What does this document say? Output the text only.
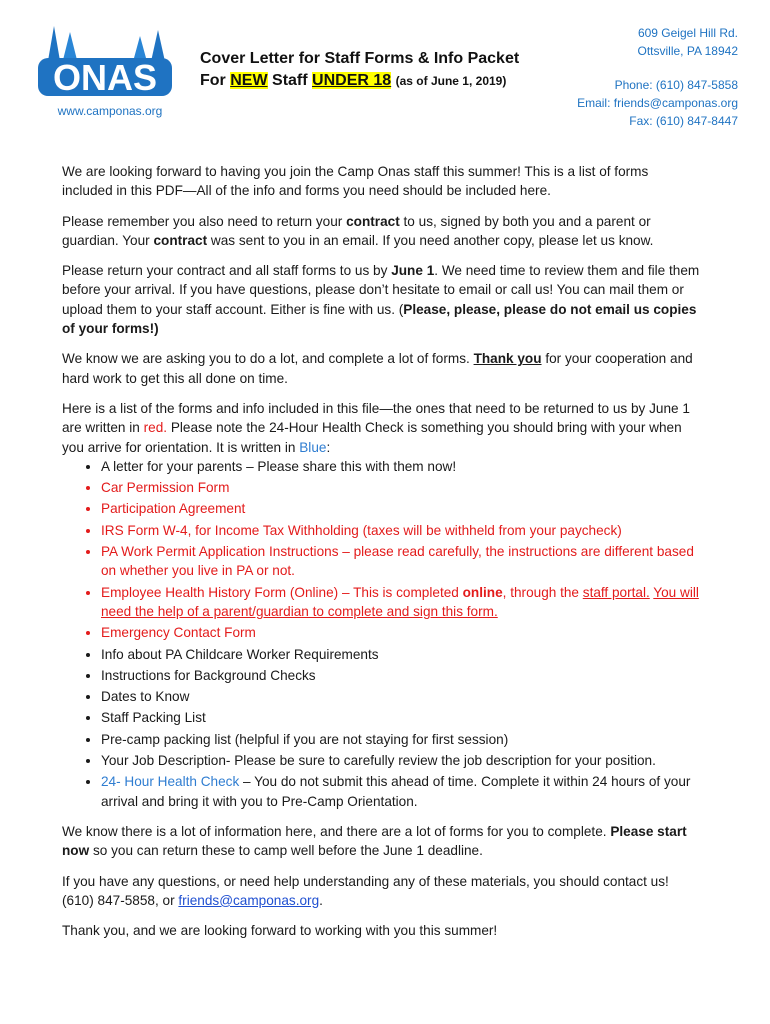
ONAS
www.camponas.org
Cover Letter for Staff Forms & Info Packet
For NEW Staff UNDER 18 (as of June 1, 2019)
609 Geigel Hill Rd.
Ottsville, PA 18942
Phone: (610) 847-5858
Email: friends@camponas.org
Fax: (610) 847-8447

We are looking forward to having you join the Camp Onas staff this summer! This is a list of forms included in this PDF—All of the info and forms you need should be included here.

Please remember you also need to return your contract to us, signed by both you and a parent or guardian. Your contract was sent to you in an email. If you need another copy, please let us know.

Please return your contract and all staff forms to us by June 1. We need time to review them and file them before your arrival. If you have questions, please don’t hesitate to email or call us! You can mail them or upload them to your staff account. Either is fine with us. (Please, please, please do not email us copies of your forms!)

We know we are asking you to do a lot, and complete a lot of forms. Thank you for your cooperation and hard work to get this all done on time.

Here is a list of the forms and info included in this file—the ones that need to be returned to us by June 1 are written in red. Please note the 24-Hour Health Check is something you should bring with your when you arrive for orientation. It is written in Blue:

• A letter for your parents – Please share this with them now!
• Car Permission Form
• Participation Agreement
• IRS Form W-4, for Income Tax Withholding (taxes will be withheld from your paycheck)
• PA Work Permit Application Instructions – please read carefully, the instructions are different based on whether you live in PA or not.
• Employee Health History Form (Online) – This is completed online, through the staff portal. You will need the help of a parent/guardian to complete and sign this form.
• Emergency Contact Form
• Info about PA Childcare Worker Requirements
• Instructions for Background Checks
• Dates to Know
• Staff Packing List
• Pre-camp packing list (helpful if you are not staying for first session)
• Your Job Description- Please be sure to carefully review the job description for your position.
• 24- Hour Health Check – You do not submit this ahead of time. Complete it within 24 hours of your arrival and bring it with you to Pre-Camp Orientation.

We know there is a lot of information here, and there are a lot of forms for you to complete. Please start now so you can return these to camp well before the June 1 deadline.

If you have any questions, or need help understanding any of these materials, you should contact us! (610) 847-5858, or friends@camponas.org.

Thank you, and we are looking forward to working with you this summer!
